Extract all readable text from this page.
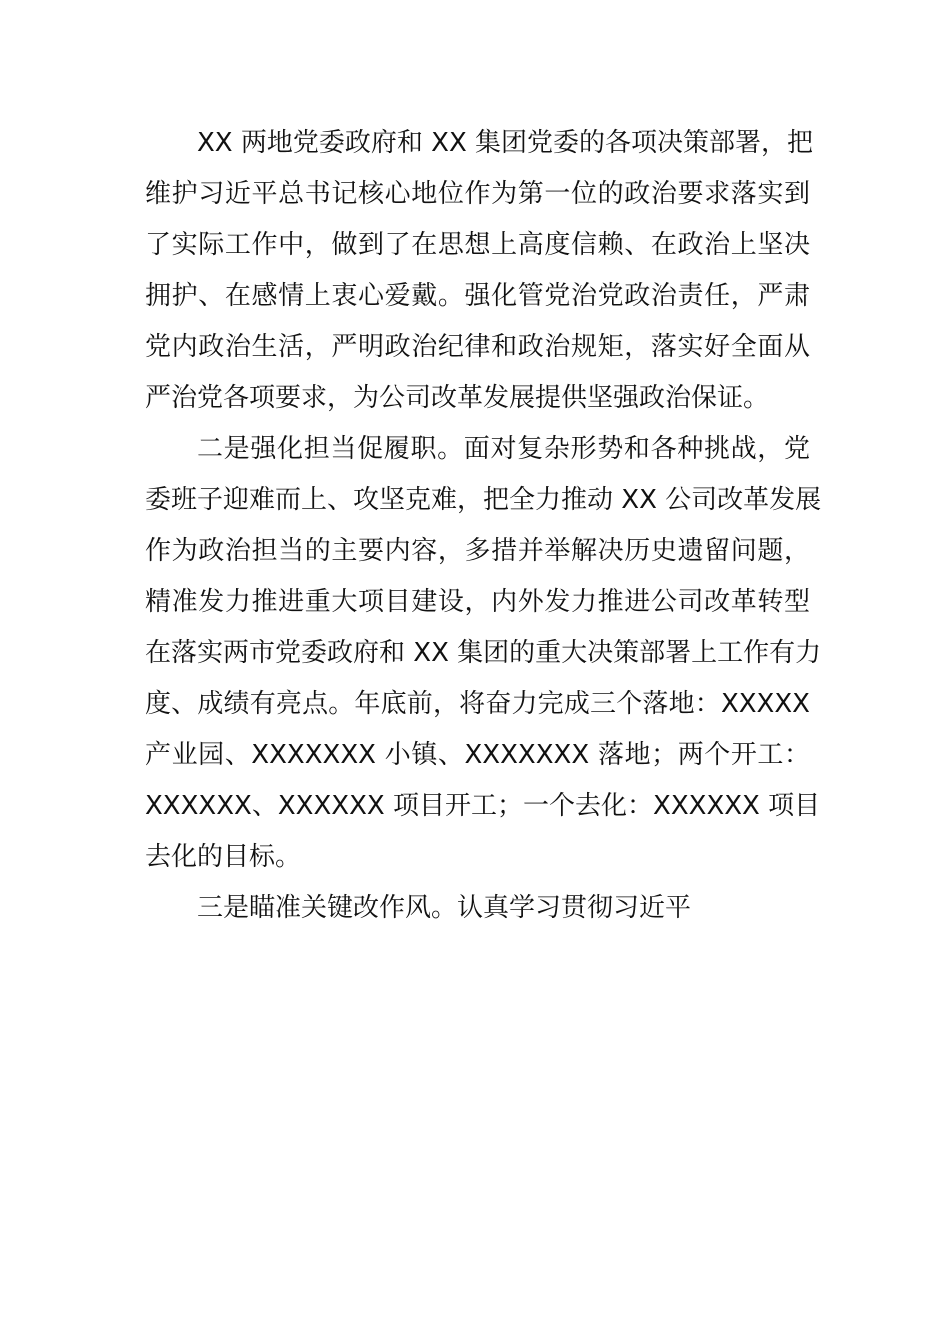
XX 两地党委政府和 XX 集团党委的各项决策部署，把
维护习近平总书记核心地位作为第一位的政治要求落实到
了实际工作中，做到了在思想上高度信赖、在政治上坚决
拥护、在感情上衷心爱戴。强化管党治党政治责任，严肃
党内政治生活，严明政治纪律和政治规矩，落实好全面从
严治党各项要求，为公司改革发展提供坚强政治保证。
二是强化担当促履职。面对复杂形势和各种挑战，党
委班子迎难而上、攻坚克难，把全力推动 XX 公司改革发展
作为政治担当的主要内容，多措并举解决历史遗留问题，
精准发力推进重大项目建设，内外发力推进公司改革转型
在落实两市党委政府和 XX 集团的重大决策部署上工作有力
度、成绩有亮点。年底前，将奋力完成三个落地：XXXXX
产业园、XXXXXXX 小镇、XXXXXXX 落地；两个开工：
XXXXXX、XXXXXX 项目开工；一个去化：XXXXXX 项目
去化的目标。
三是瞄准关键改作风。认真学习贯彻习近平
